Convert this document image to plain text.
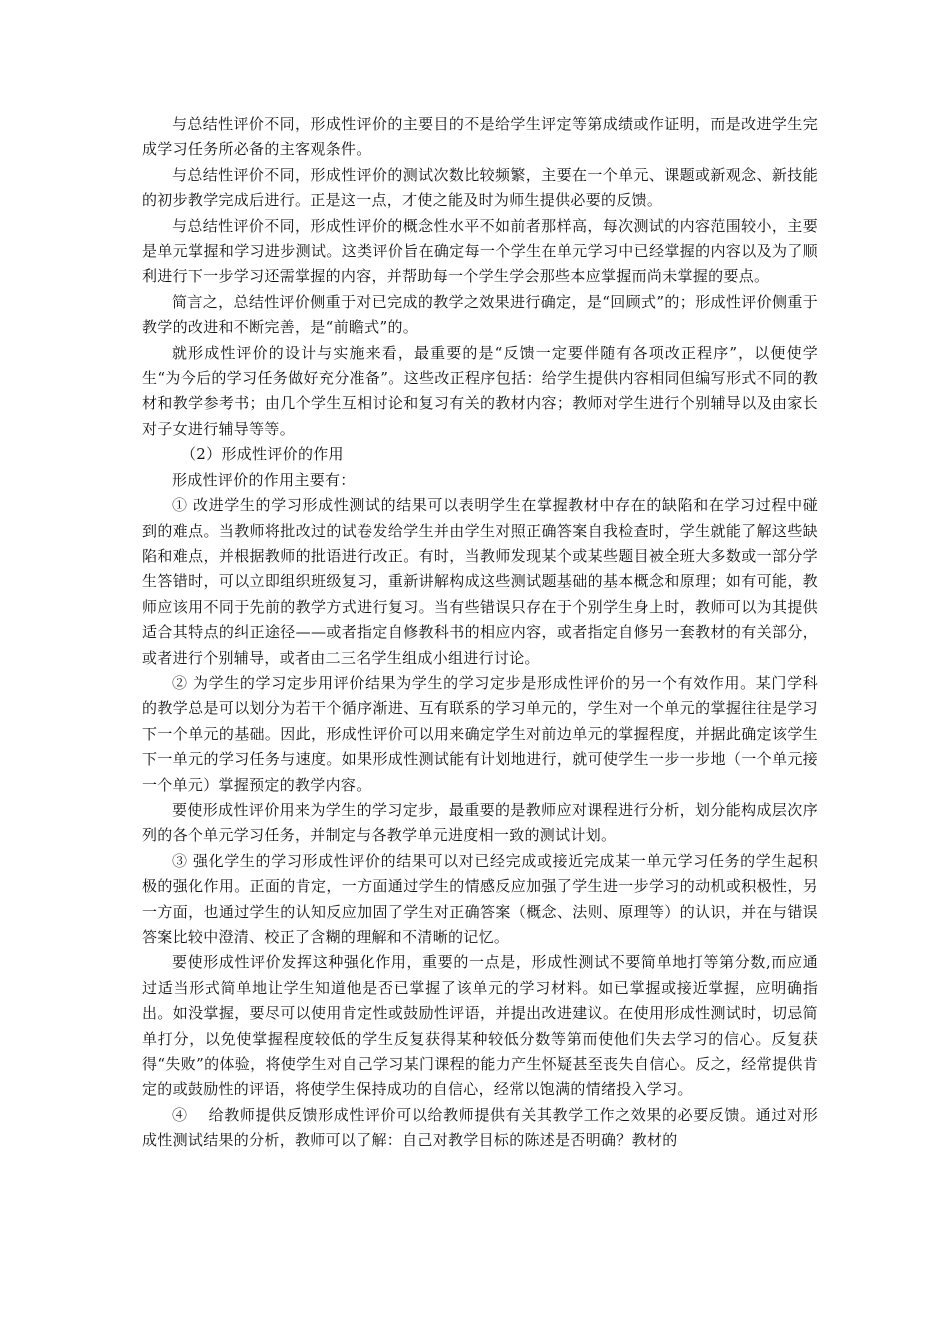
与总结性评价不同，形成性评价的主要目的不是给学生评定等第成绩或作证明，而是改进学生完成学习任务所必备的主客观条件。

与总结性评价不同，形成性评价的测试次数比较频繁，主要在一个单元、课题或新观念、新技能的初步教学完成后进行。正是这一点，才使之能及时为师生提供必要的反馈。

与总结性评价不同，形成性评价的概念性水平不如前者那样高，每次测试的内容范围较小，主要是单元掌握和学习进步测试。这类评价旨在确定每一个学生在单元学习中已经掌握的内容以及为了顺利进行下一步学习还需掌握的内容，并帮助每一个学生学会那些本应掌握而尚未掌握的要点。

简言之，总结性评价侧重于对已完成的教学之效果进行确定，是“回顾式”的；形成性评价侧重于教学的改进和不断完善，是“前瞻式”的。

就形成性评价的设计与实施来看，最重要的是“反馈一定要伴随有各项改正程序”，以便使学生“为今后的学习任务做好充分准备”。这些改正程序包括：给学生提供内容相同但编写形式不同的教材和教学参考书；由几个学生互相讨论和复习有关的教材内容；教师对学生进行个别辅导以及由家长对子女进行辅导等等。

（2）形成性评价的作用

形成性评价的作用主要有：

① 改进学生的学习形成性测试的结果可以表明学生在掌握教材中存在的缺陷和在学习过程中碰到的难点。当教师将批改过的试卷发给学生并由学生对照正确答案自我检查时，学生就能了解这些缺陷和难点，并根据教师的批语进行改正。有时，当教师发现某个或某些题目被全班大多数或一部分学生答错时，可以立即组织班级复习，重新讲解构成这些测试题基础的基本概念和原理；如有可能，教师应该用不同于先前的教学方式进行复习。当有些错误只存在于个别学生身上时，教师可以为其提供适合其特点的纠正途径——或者指定自修教科书的相应内容，或者指定自修另一套教材的有关部分，或者进行个别辅导，或者由二三名学生组成小组进行讨论。

② 为学生的学习定步用评价结果为学生的学习定步是形成性评价的另一个有效作用。某门学科的教学总是可以划分为若干个循序渐进、互有联系的学习单元的，学生对一个单元的掌握往往是学习下一个单元的基础。因此，形成性评价可以用来确定学生对前边单元的掌握程度，并据此确定该学生下一单元的学习任务与速度。如果形成性测试能有计划地进行，就可使学生一步一步地（一个单元接一个单元）掌握预定的教学内容。

要使形成性评价用来为学生的学习定步，最重要的是教师应对课程进行分析，划分能构成层次序列的各个单元学习任务，并制定与各教学单元进度相一致的测试计划。

③ 强化学生的学习形成性评价的结果可以对已经完成或接近完成某一单元学习任务的学生起积极的强化作用。正面的肯定，一方面通过学生的情感反应加强了学生进一步学习的动机或积极性，另一方面，也通过学生的认知反应加固了学生对正确答案（概念、法则、原理等）的认识，并在与错误答案比较中澄清、校正了含糊的理解和不清晰的记忆。

要使形成性评价发挥这种强化作用，重要的一点是，形成性测试不要简单地打等第分数,而应通过适当形式简单地让学生知道他是否已掌握了该单元的学习材料。如已掌握或接近掌握，应明确指出。如没掌握，要尽可以使用肯定性或鼓励性评语，并提出改进建议。在使用形成性测试时，切忌简单打分，以免使掌握程度较低的学生反复获得某种较低分数等第而使他们失去学习的信心。反复获得“失败”的体验，将使学生对自己学习某门课程的能力产生怀疑甚至丧失自信心。反之，经常提供肯定的或鼓励性的评语，将使学生保持成功的自信心，经常以饱满的情绪投入学习。

④　 给教师提供反馈形成性评价可以给教师提供有关其教学工作之效果的必要反馈。通过对形成性测试结果的分析，教师可以了解：自己对教学目标的陈述是否明确？教材的
